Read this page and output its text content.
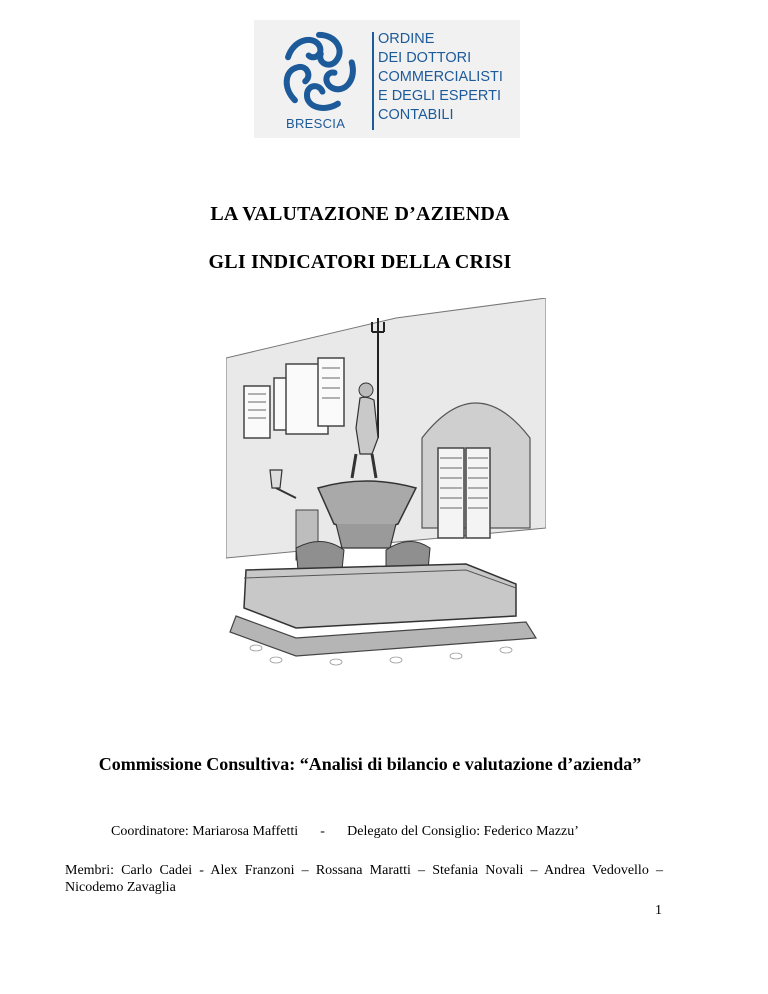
BRESCIA
ORDINE
DEI DOTTORI
COMMERCIALISTI
E DEGLI ESPERTI
CONTABILI
LA VALUTAZIONE D’AZIENDA
GLI INDICATORI DELLA CRISI
Commissione Consultiva: “Analisi di bilancio e valutazione d’azienda”
Coordinatore: Mariarosa Maffetti - Delegato del Consiglio: Federico Mazzu’
Membri: Carlo Cadei - Alex Franzoni – Rossana Maratti – Stefania Novali – Andrea Vedovello – Nicodemo Zavaglia
1
